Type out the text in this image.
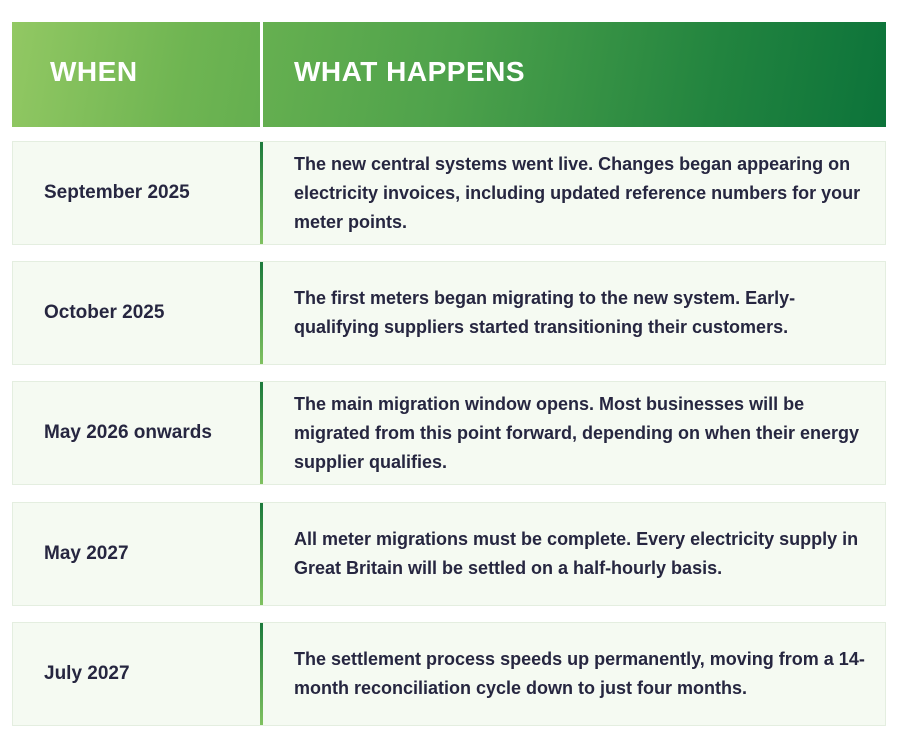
WHEN	WHAT HAPPENS
September 2025
The new central systems went live. Changes began appearing on electricity invoices, including updated reference numbers for your meter points.
October 2025
The first meters began migrating to the new system. Early-qualifying suppliers started transitioning their customers.
May 2026 onwards
The main migration window opens. Most businesses will be migrated from this point forward, depending on when their energy supplier qualifies.
May 2027
All meter migrations must be complete. Every electricity supply in Great Britain will be settled on a half-hourly basis.
July 2027
The settlement process speeds up permanently, moving from a 14-month reconciliation cycle down to just four months.
